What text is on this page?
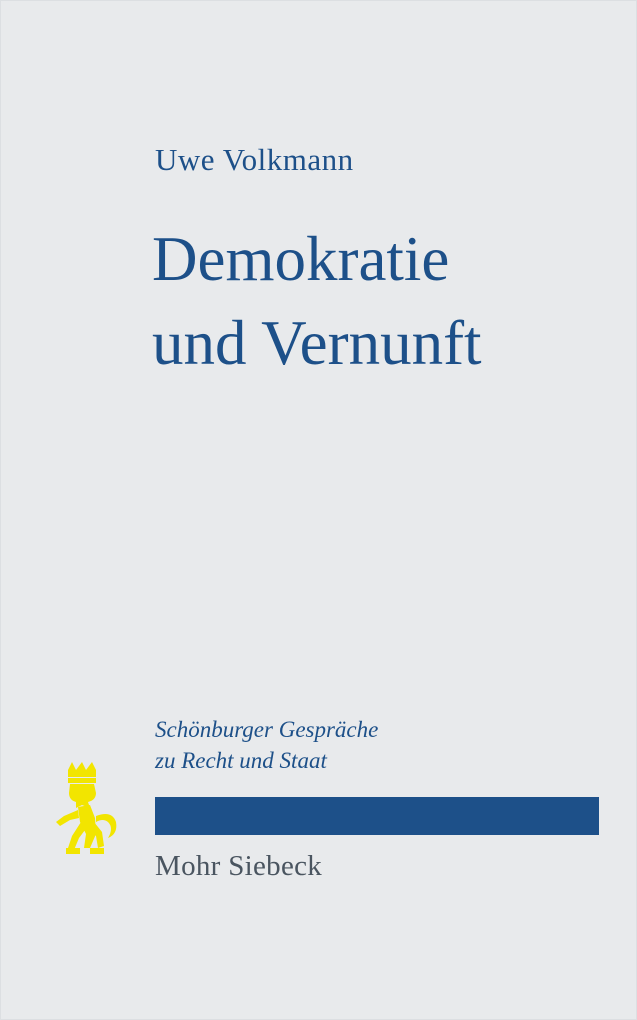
Uwe Volkmann
Demokratie
und Vernunft
Schönburger Gespräche
zu Recht und Staat
Mohr Siebeck
